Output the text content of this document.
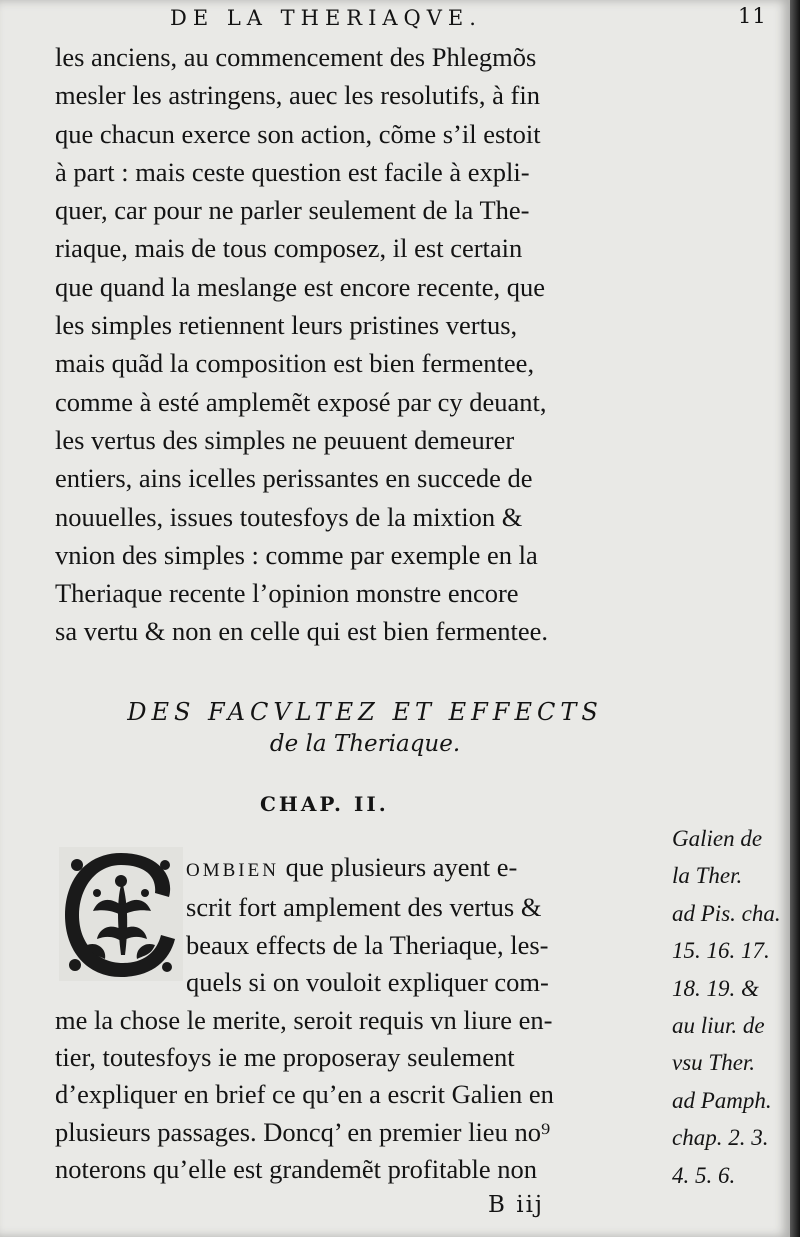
DE LA THERIAQVE.	11
les anciens, au commencement des Phlegmõs
mesler les astringens, auec les resolutifs, à fin
que chacun exerce son action, cõme s’il estoit
à part : mais ceste question est facile à expli-
quer, car pour ne parler seulement de la The-
riaque, mais de tous composez, il est certain
que quand la meslange est encore recente, que
les simples retiennent leurs pristines vertus,
mais quãd la composition est bien fermentee,
comme à esté amplemẽt exposé par cy deuant,
les vertus des simples ne peuuent demeurer
entiers, ains icelles perissantes en succede de
nouuelles, issues toutesfoys de la mixtion &
vnion des simples : comme par exemple en la
Theriaque recente l’opinion monstre encore
sa vertu & non en celle qui est bien fermentee.
DES FACVLTEZ ET EFFECTS
de la Theriaque.
CHAP. II.
OMBIEN que plusieurs ayent e-
scrit fort amplement des vertus &
beaux effects de la Theriaque, les-
quels si on vouloit expliquer com-
me la chose le merite, seroit requis vn liure en-
tier, toutesfoys ie me proposeray seulement
d’expliquer en brief ce qu’en a escrit Galien en
plusieurs passages. Doncq’ en premier lieu no⁹
noterons qu’elle est grandemẽt profitable non
Galien de
la Ther.
ad Pis. cha.
15. 16. 17.
18. 19. &
au liur. de
vsu Ther.
ad Pamph.
chap. 2. 3.
4. 5. 6.
B iij
